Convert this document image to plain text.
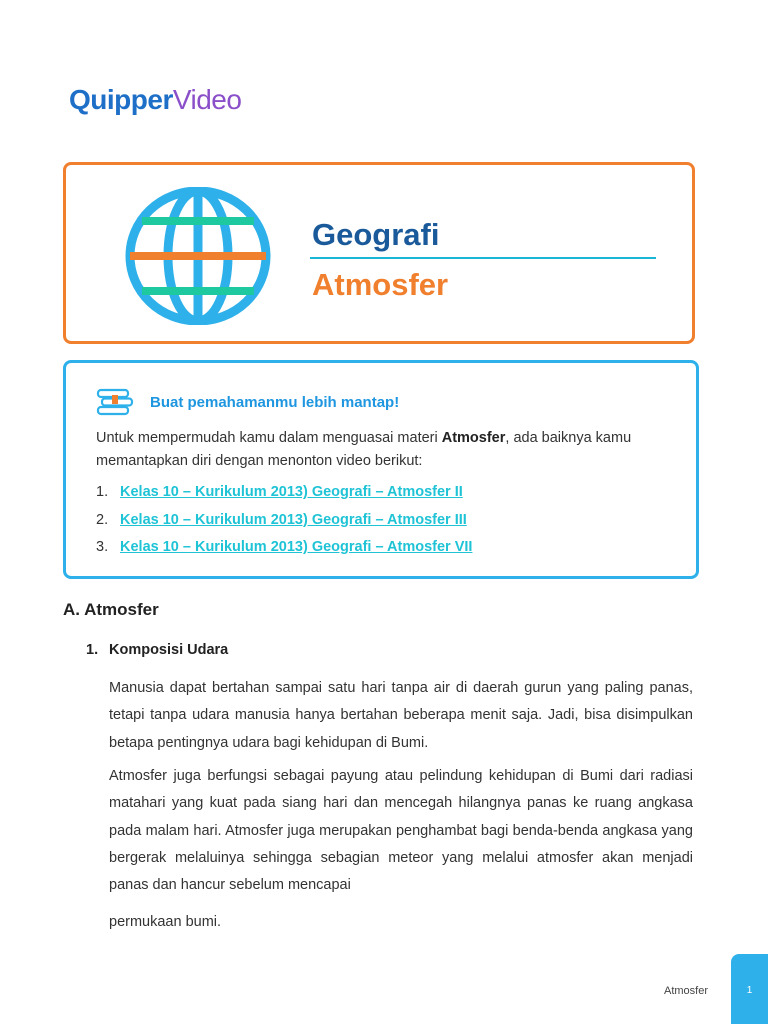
QuipperVideo
Geografi
Atmosfer
Buat pemahamanmu lebih mantap!
Untuk mempermudah kamu dalam menguasai materi Atmosfer, ada baiknya kamu memantapkan diri dengan menonton video berikut:
1. Kelas 10 – Kurikulum 2013) Geografi – Atmosfer II
2. Kelas 10 – Kurikulum 2013) Geografi – Atmosfer III
3. Kelas 10 – Kurikulum 2013) Geografi – Atmosfer VII
A. Atmosfer
1. Komposisi Udara

Manusia dapat bertahan sampai satu hari tanpa air di daerah gurun yang paling panas, tetapi tanpa udara manusia hanya bertahan beberapa menit saja. Jadi, bisa disimpulkan betapa pentingnya udara bagi kehidupan di Bumi.

Atmosfer juga berfungsi sebagai payung atau pelindung kehidupan di Bumi dari radiasi matahari yang kuat pada siang hari dan mencegah hilangnya panas ke ruang angkasa pada malam hari. Atmosfer juga merupakan penghambat bagi benda-benda angkasa yang bergerak melaluinya sehingga sebagian meteor yang melalui atmosfer akan menjadi panas dan hancur sebelum mencapai

permukaan bumi.

Atmosfer	1
